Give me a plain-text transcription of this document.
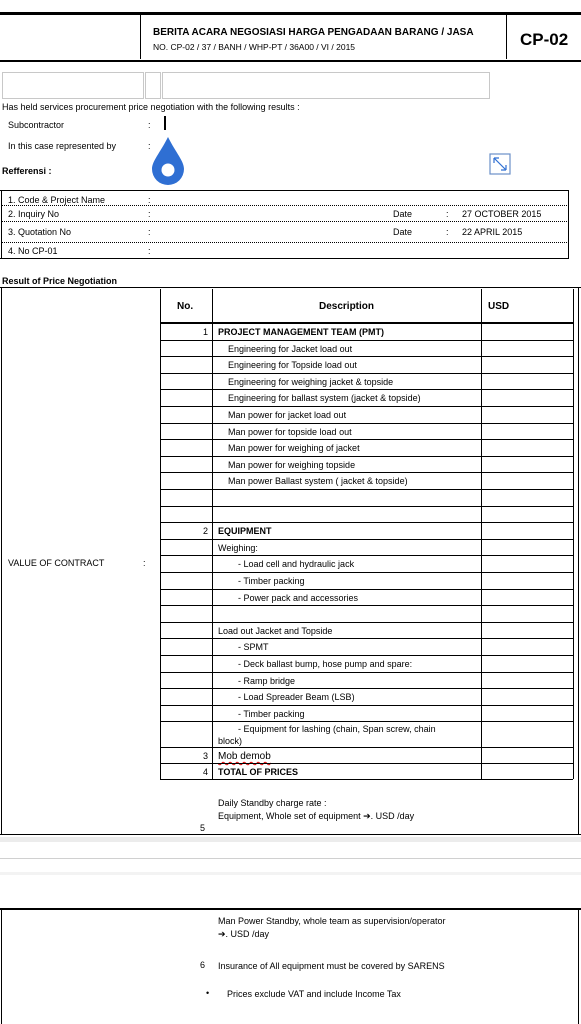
BERITA ACARA NEGOSIASI HARGA PENGADAAN BARANG / JASA
NO. CP-02 / 37 / BANH / WHP-PT / 36A00 / VI / 2015	CP-02
Has held services procurement price negotiation with the following results :
Subcontractor	:
In this case represented by	:
Refferensi :
1. Code & Project Name	:
2. Inquiry No	:	Date	: 27 OCTOBER 2015
3. Quotation No	:	Date	: 22 APRIL 2015
4. No CP-01	:
Result of Price Negotiation
VALUE OF CONTRACT	:
No.	Description	USD
1 PROJECT MANAGEMENT TEAM (PMT)
Engineering for Jacket load out
Engineering for Topside load out
Engineering for weighing jacket & topside
Engineering for ballast system (jacket & topside)
Man power for jacket load out
Man power for topside load out
Man power for weighing of jacket
Man power for weighing topside
Man power Ballast system ( jacket & topside)
2 EQUIPMENT
Weighing:
- Load cell and hydraulic jack
- Timber packing
- Power pack and accessories
Load out Jacket and Topside
- SPMT
- Deck ballast bump, hose pump and spare:
- Ramp bridge
- Load Spreader Beam (LSB)
- Timber packing
- Equipment for lashing (chain, Span screw, chain
block)
3 Mob demob
4 TOTAL OF PRICES
Daily Standby charge rate :
Equipment, Whole set of equipment ➔. USD /day
5
Man Power Standby, whole team as supervision/operator
➔. USD /day
6 Insurance of All equipment must be covered by SARENS
• Prices exclude VAT and include Income Tax
